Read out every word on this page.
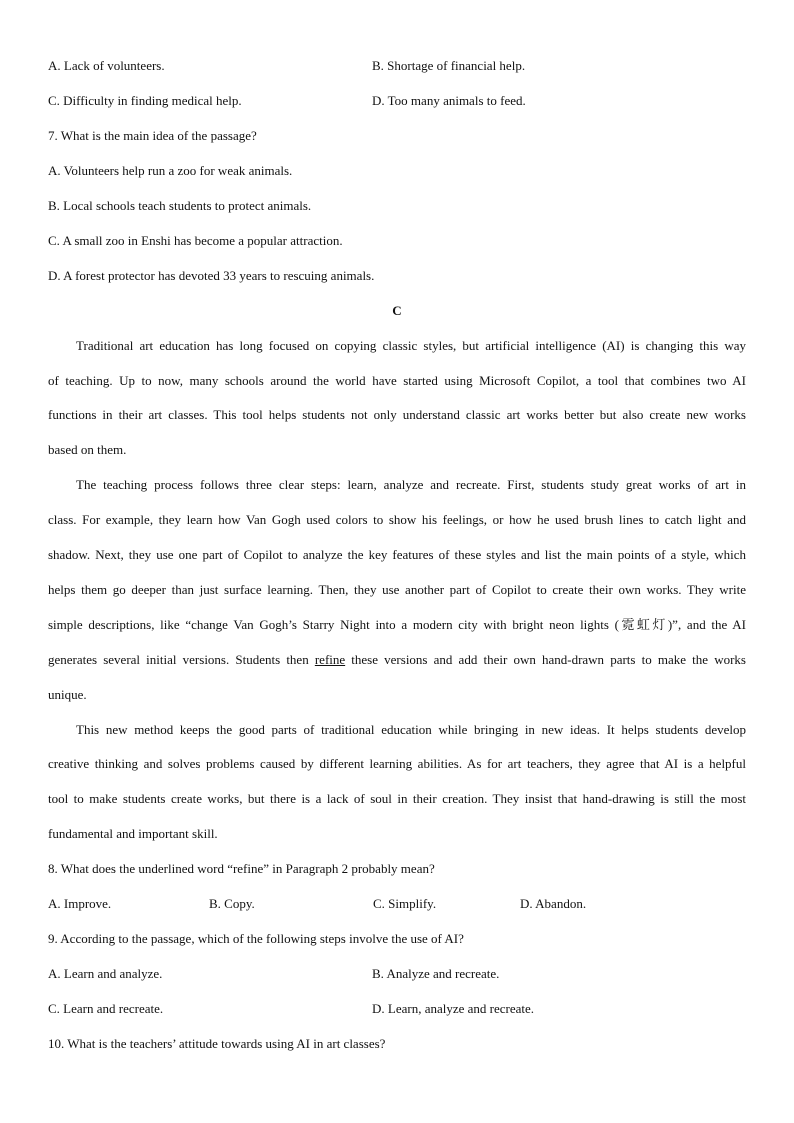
A. Lack of volunteers.	B. Shortage of financial help.
C. Difficulty in finding medical help.	D. Too many animals to feed.
7. What is the main idea of the passage?
A. Volunteers help run a zoo for weak animals.
B. Local schools teach students to protect animals.
C. A small zoo in Enshi has become a popular attraction.
D. A forest protector has devoted 33 years to rescuing animals.
C
Traditional art education has long focused on copying classic styles, but artificial intelligence (AI) is changing this way
of teaching. Up to now, many schools around the world have started using Microsoft Copilot, a tool that combines two AI
functions in their art classes. This tool helps students not only understand classic art works better but also create new works
based on them.
The teaching process follows three clear steps: learn, analyze and recreate. First, students study great works of art in
class. For example, they learn how Van Gogh used colors to show his feelings, or how he used brush lines to catch light and
shadow. Next, they use one part of Copilot to analyze the key features of these styles and list the main points of a style, which
helps them go deeper than just surface learning. Then, they use another part of Copilot to create their own works. They write
simple descriptions, like “change Van Gogh’s Starry Night into a modern city with bright neon lights (霓虹灯)”, and the AI
generates several initial versions. Students then refine these versions and add their own hand-drawn parts to make the works
unique.
This new method keeps the good parts of traditional education while bringing in new ideas. It helps students develop
creative thinking and solves problems caused by different learning abilities. As for art teachers, they agree that AI is a helpful
tool to make students create works, but there is a lack of soul in their creation. They insist that hand-drawing is still the most
fundamental and important skill.
8. What does the underlined word “refine” in Paragraph 2 probably mean?
A. Improve.	B. Copy.	C. Simplify.	D. Abandon.
9. According to the passage, which of the following steps involve the use of AI?
A. Learn and analyze.	B. Analyze and recreate.
C. Learn and recreate.	D. Learn, analyze and recreate.
10. What is the teachers’ attitude towards using AI in art classes?
